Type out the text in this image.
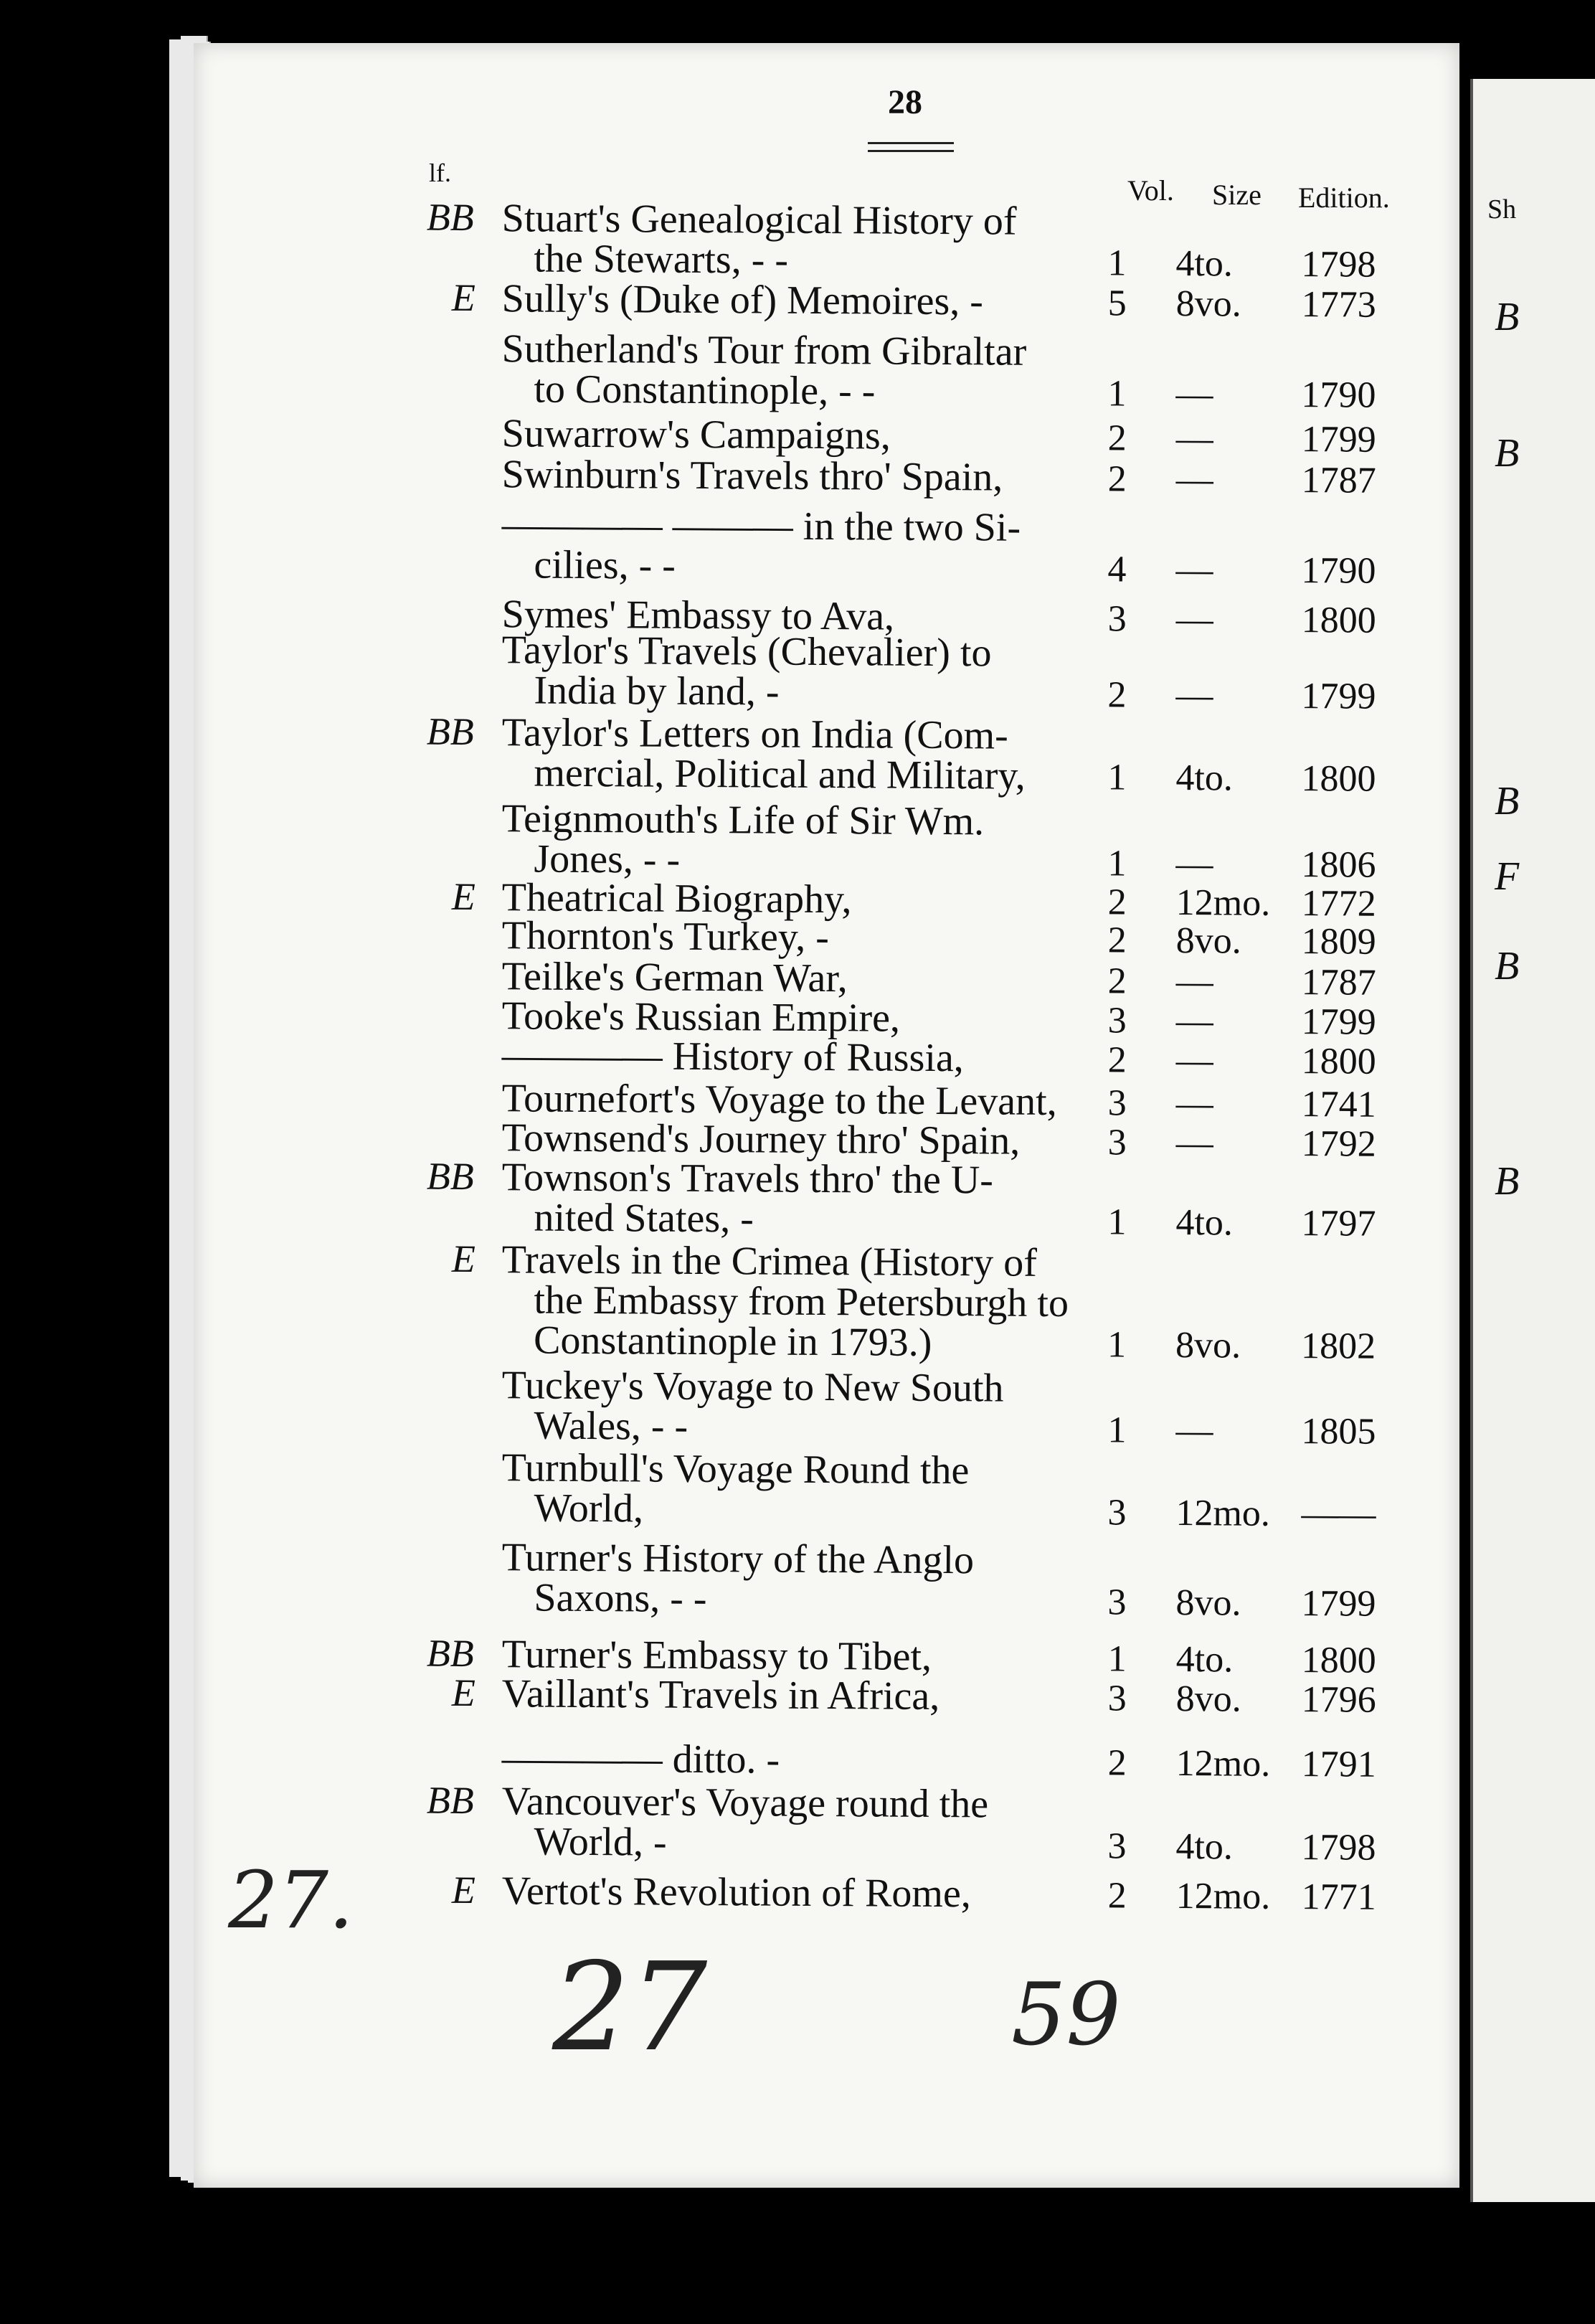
Sh
B
B
B
F
B
B
28
lf.
Vol. Size Edition.
BB Stuart's Genealogical History of
the Stewarts, - -	1 4to. 1798
E Sully's (Duke of) Memoires, -	5 8vo. 1773
Sutherland's Tour from Gibraltar
to Constantinople, - -	1 — 1790
Suwarrow's Campaigns,	2 — 1799
Swinburn's Travels thro' Spain,	2 — 1787
———— ——— in the two Si-
cilies, - -	4 — 1790
Symes' Embassy to Ava,	3 — 1800
Taylor's Travels (Chevalier) to
India by land, -	2 — 1799
BB Taylor's Letters on India (Com-
mercial, Political and Military, 1 4to. 1800
Teignmouth's Life of Sir Wm.
Jones, - -	1 — 1806
E Theatrical Biography,	2 12mo. 1772
Thornton's Turkey, -	2 8vo. 1809
Teilke's German War,	2 — 1787
Tooke's Russian Empire,	3 — 1799
———— History of Russia,	2 — 1800
Tournefort's Voyage to the Levant, 3 — 1741
Townsend's Journey thro' Spain, 3 — 1792
BB Townson's Travels thro' the U-
nited States, -	1 4to. 1797
E Travels in the Crimea (History of
the Embassy from Petersburgh to
Constantinople in 1793.)	1 8vo. 1802
Tuckey's Voyage to New South
Wales, - -	1 — 1805
Turnbull's Voyage Round the
World,	3 12mo. ——
Turner's History of the Anglo
Saxons, - -	3 8vo. 1799
BB Turner's Embassy to Tibet,	1 4to. 1800
E Vaillant's Travels in Africa,	3 8vo. 1796
———— ditto. -	2 12mo. 1791
BB Vancouver's Voyage round the
World, -	3 4to. 1798
E Vertot's Revolution of Rome,	2 12mo. 1771
27.
27	59
